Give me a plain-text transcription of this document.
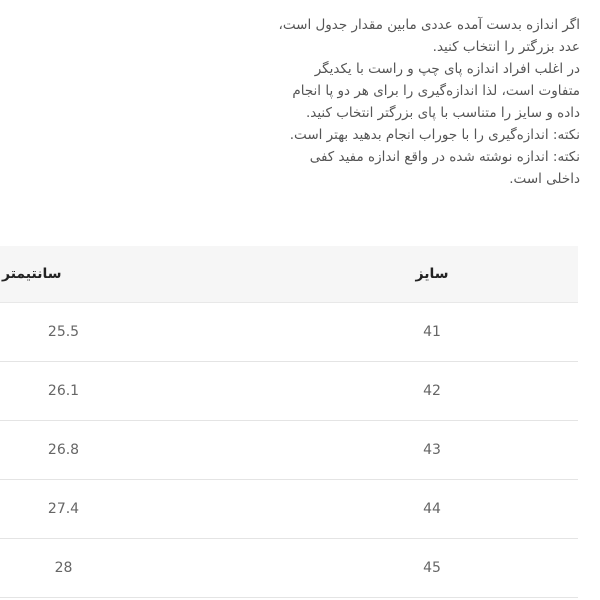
اگر اندازه بدست آمده عددی مابین مقدار جدول است،

عدد بزرگتر را انتخاب کنید.

در اغلب افراد اندازه پای چپ و راست با یکدیگر

متفاوت است، لذا اندازه‌گیری را برای هر دو پا انجام

داده و سایز را متناسب با پای بزرگتر انتخاب کنید.

نکته: اندازه‌گیری را با جوراب انجام بدهید بهتر است.

نکته: اندازه نوشته شده در واقع اندازه مفید کفی

داخلی است.

سایز	سانتیمتر
41	25.5
42	26.1
43	26.8
44	27.4
45	28
